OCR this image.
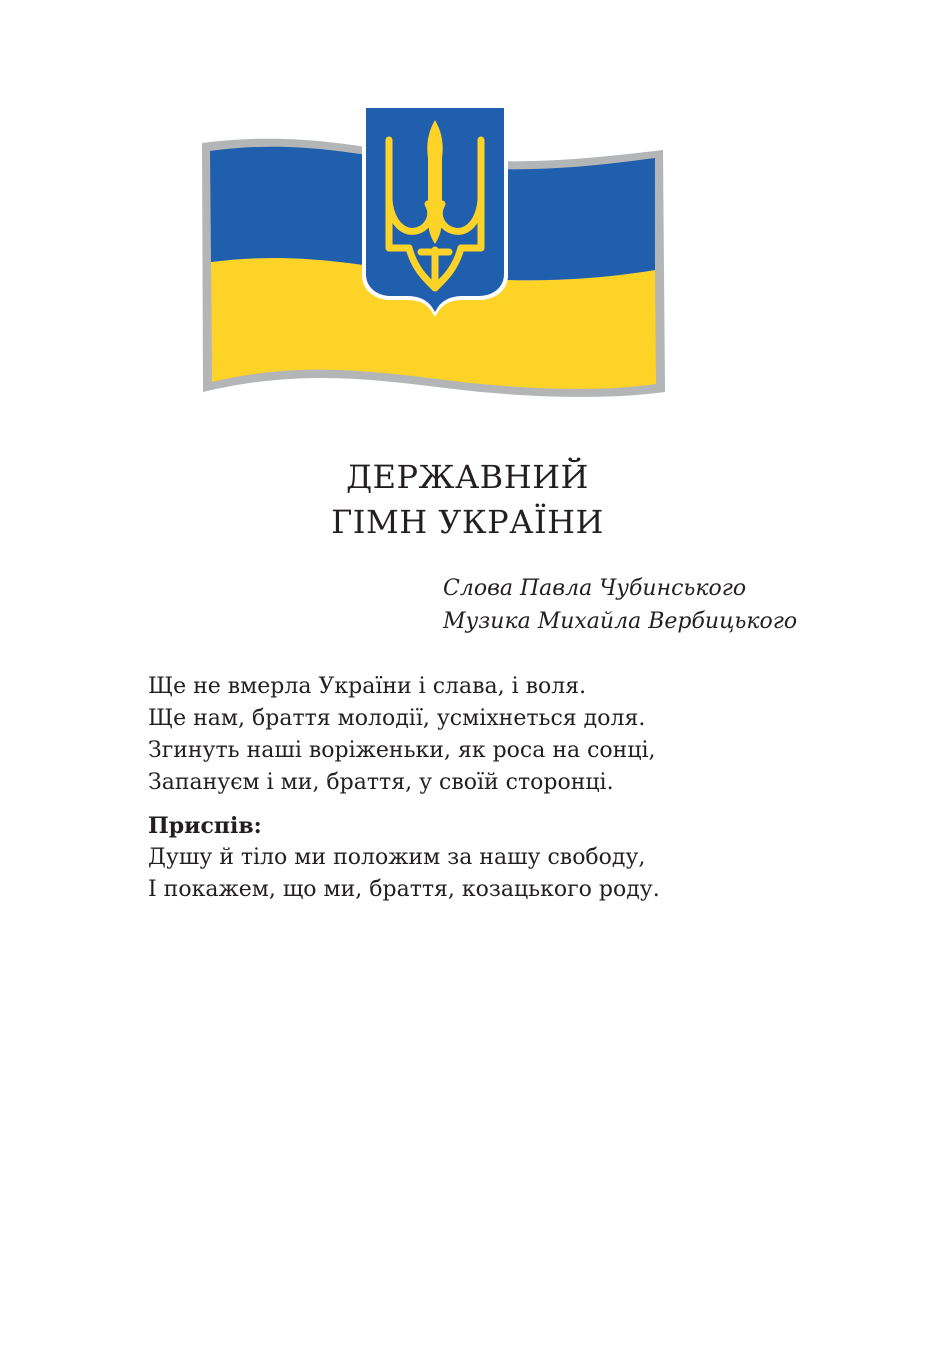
ДЕРЖАВНИЙ
ГІМН УКРАЇНИ
Слова Павла Чубинського
Музика Михайла Вербицького
Ще не вмерла України і слава, і воля.
Ще нам, браття молодії, усміхнеться доля.
Згинуть наші воріженьки, як роса на сонці,
Запануєм і ми, браття, у своїй сторонці.
Приспів:
Душу й тіло ми положим за нашу свободу,
І покажем, що ми, браття, козацького роду.
